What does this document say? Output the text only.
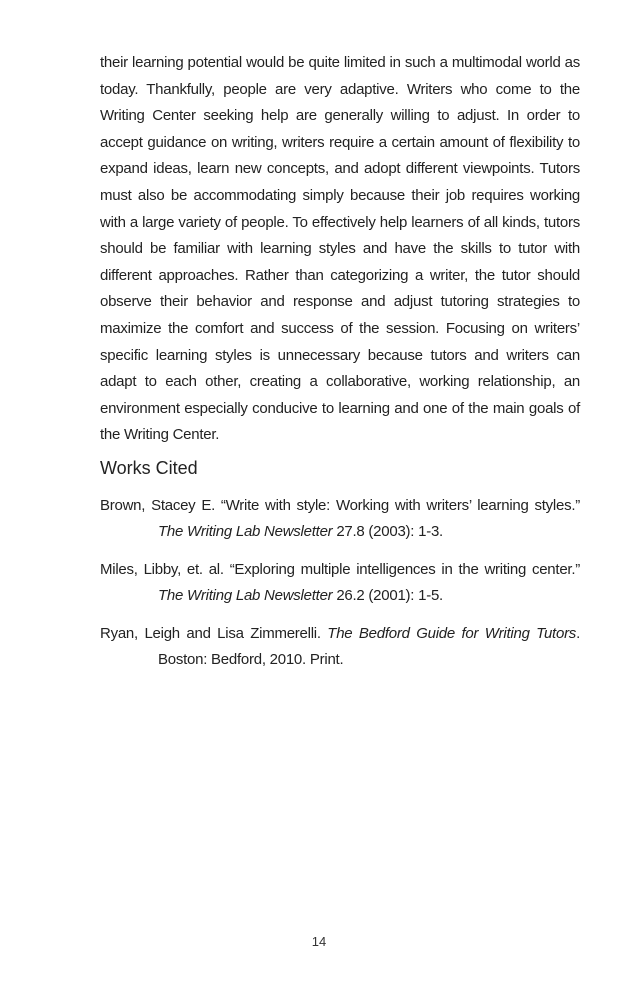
their learning potential would be quite limited in such a multimodal world as today. Thankfully, people are very adaptive. Writers who come to the Writing Center seeking help are generally willing to adjust. In order to accept guidance on writing, writers require a certain amount of flexibility to expand ideas, learn new concepts, and adopt different viewpoints. Tutors must also be accommodating simply because their job requires working with a large variety of people. To effectively help learners of all kinds, tutors should be familiar with learning styles and have the skills to tutor with different approaches. Rather than categorizing a writer, the tutor should observe their behavior and response and adjust tutoring strategies to maximize the comfort and success of the session. Focusing on writers’ specific learning styles is unnecessary because tutors and writers can adapt to each other, creating a collaborative, working relationship, an environment especially conducive to learning and one of the main goals of the Writing Center.

Works Cited

Brown, Stacey E. “Write with style: Working with writers’ learning styles.” The Writing Lab Newsletter 27.8 (2003): 1-3.

Miles, Libby, et. al. “Exploring multiple intelligences in the writing center.” The Writing Lab Newsletter 26.2 (2001): 1-5.

Ryan, Leigh and Lisa Zimmerelli. The Bedford Guide for Writing Tutors. Boston: Bedford, 2010. Print.

14
